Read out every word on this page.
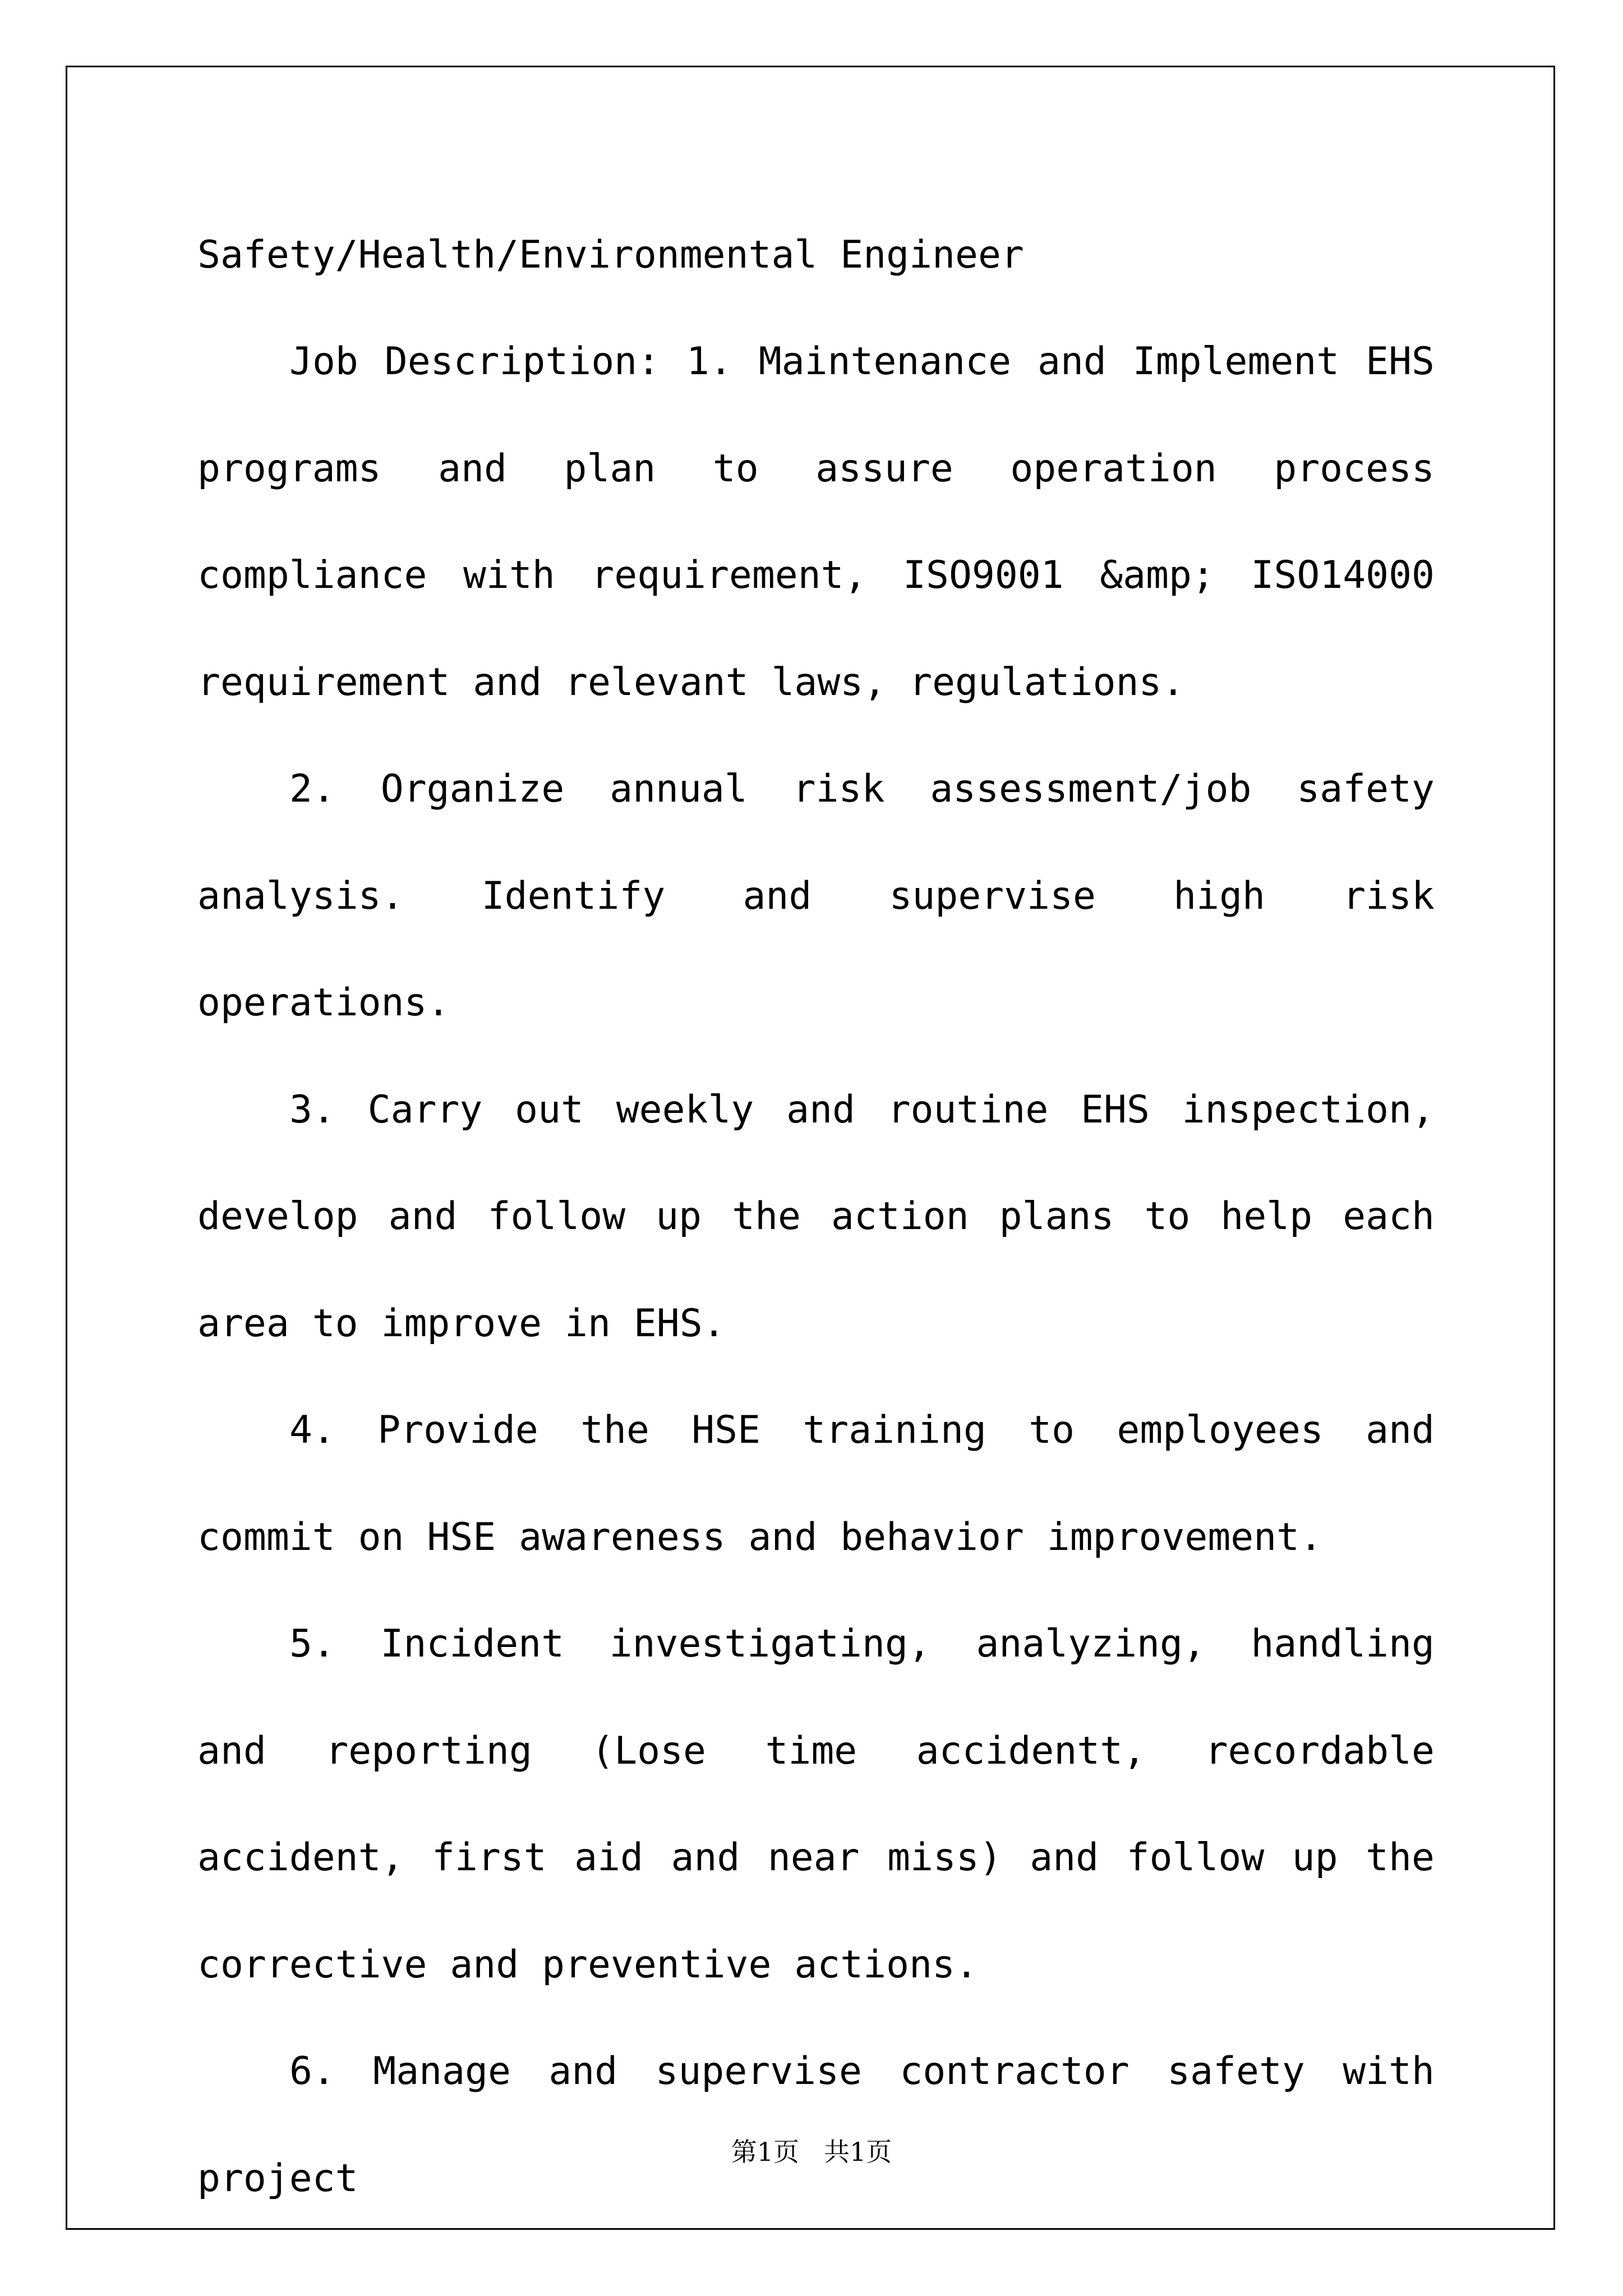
Safety/Health/Environmental Engineer

Job Description: 1. Maintenance and Implement EHS programs and plan to assure operation process compliance with requirement, ISO9001 &amp; ISO14000 requirement and relevant laws, regulations.

2. Organize annual risk assessment/job safety analysis. Identify and supervise high risk operations.

3. Carry out weekly and routine EHS inspection, develop and follow up the action plans to help each area to improve in EHS.

4. Provide the HSE training to employees and commit on HSE awareness and behavior improvement.

5. Incident investigating, analyzing, handling and reporting (Lose time accidentt, recordable accident, first aid and near miss) and follow up the corrective and preventive actions.

6. Manage and supervise contractor safety with project

第1页 共1页
